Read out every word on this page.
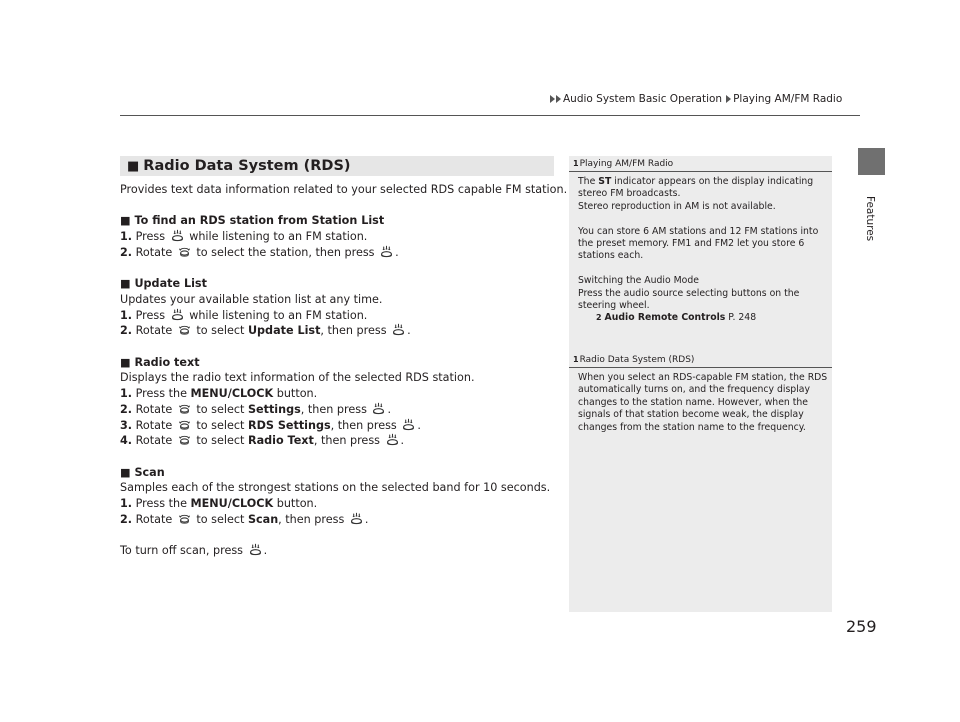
Audio System Basic Operation Playing AM/FM Radio
Features
■ Radio Data System (RDS)

Provides text data information related to your selected RDS capable FM station.

■ To find an RDS station from Station List

1. Press while listening to an FM station.

2. Rotate to select the station, then press .

■ Update List

Updates your available station list at any time.

1. Press while listening to an FM station.

2. Rotate to select Update List, then press .

■ Radio text

Displays the radio text information of the selected RDS station.

1. Press the MENU/CLOCK button.

2. Rotate to select Settings, then press .

3. Rotate to select RDS Settings, then press .

4. Rotate to select Radio Text, then press .

■ Scan

Samples each of the strongest stations on the selected band for 10 seconds.

1. Press the MENU/CLOCK button.

2. Rotate to select Scan, then press .

To turn off scan, press .

1 Playing AM/FM Radio

The ST indicator appears on the display indicating

stereo FM broadcasts.

Stereo reproduction in AM is not available.

You can store 6 AM stations and 12 FM stations into

the preset memory. FM1 and FM2 let you store 6

stations each.

Switching the Audio Mode

Press the audio source selecting buttons on the

steering wheel.

2 Audio Remote Controls P. 248

1 Radio Data System (RDS)

When you select an RDS-capable FM station, the RDS

automatically turns on, and the frequency display

changes to the station name. However, when the

signals of that station become weak, the display

changes from the station name to the frequency.

259
